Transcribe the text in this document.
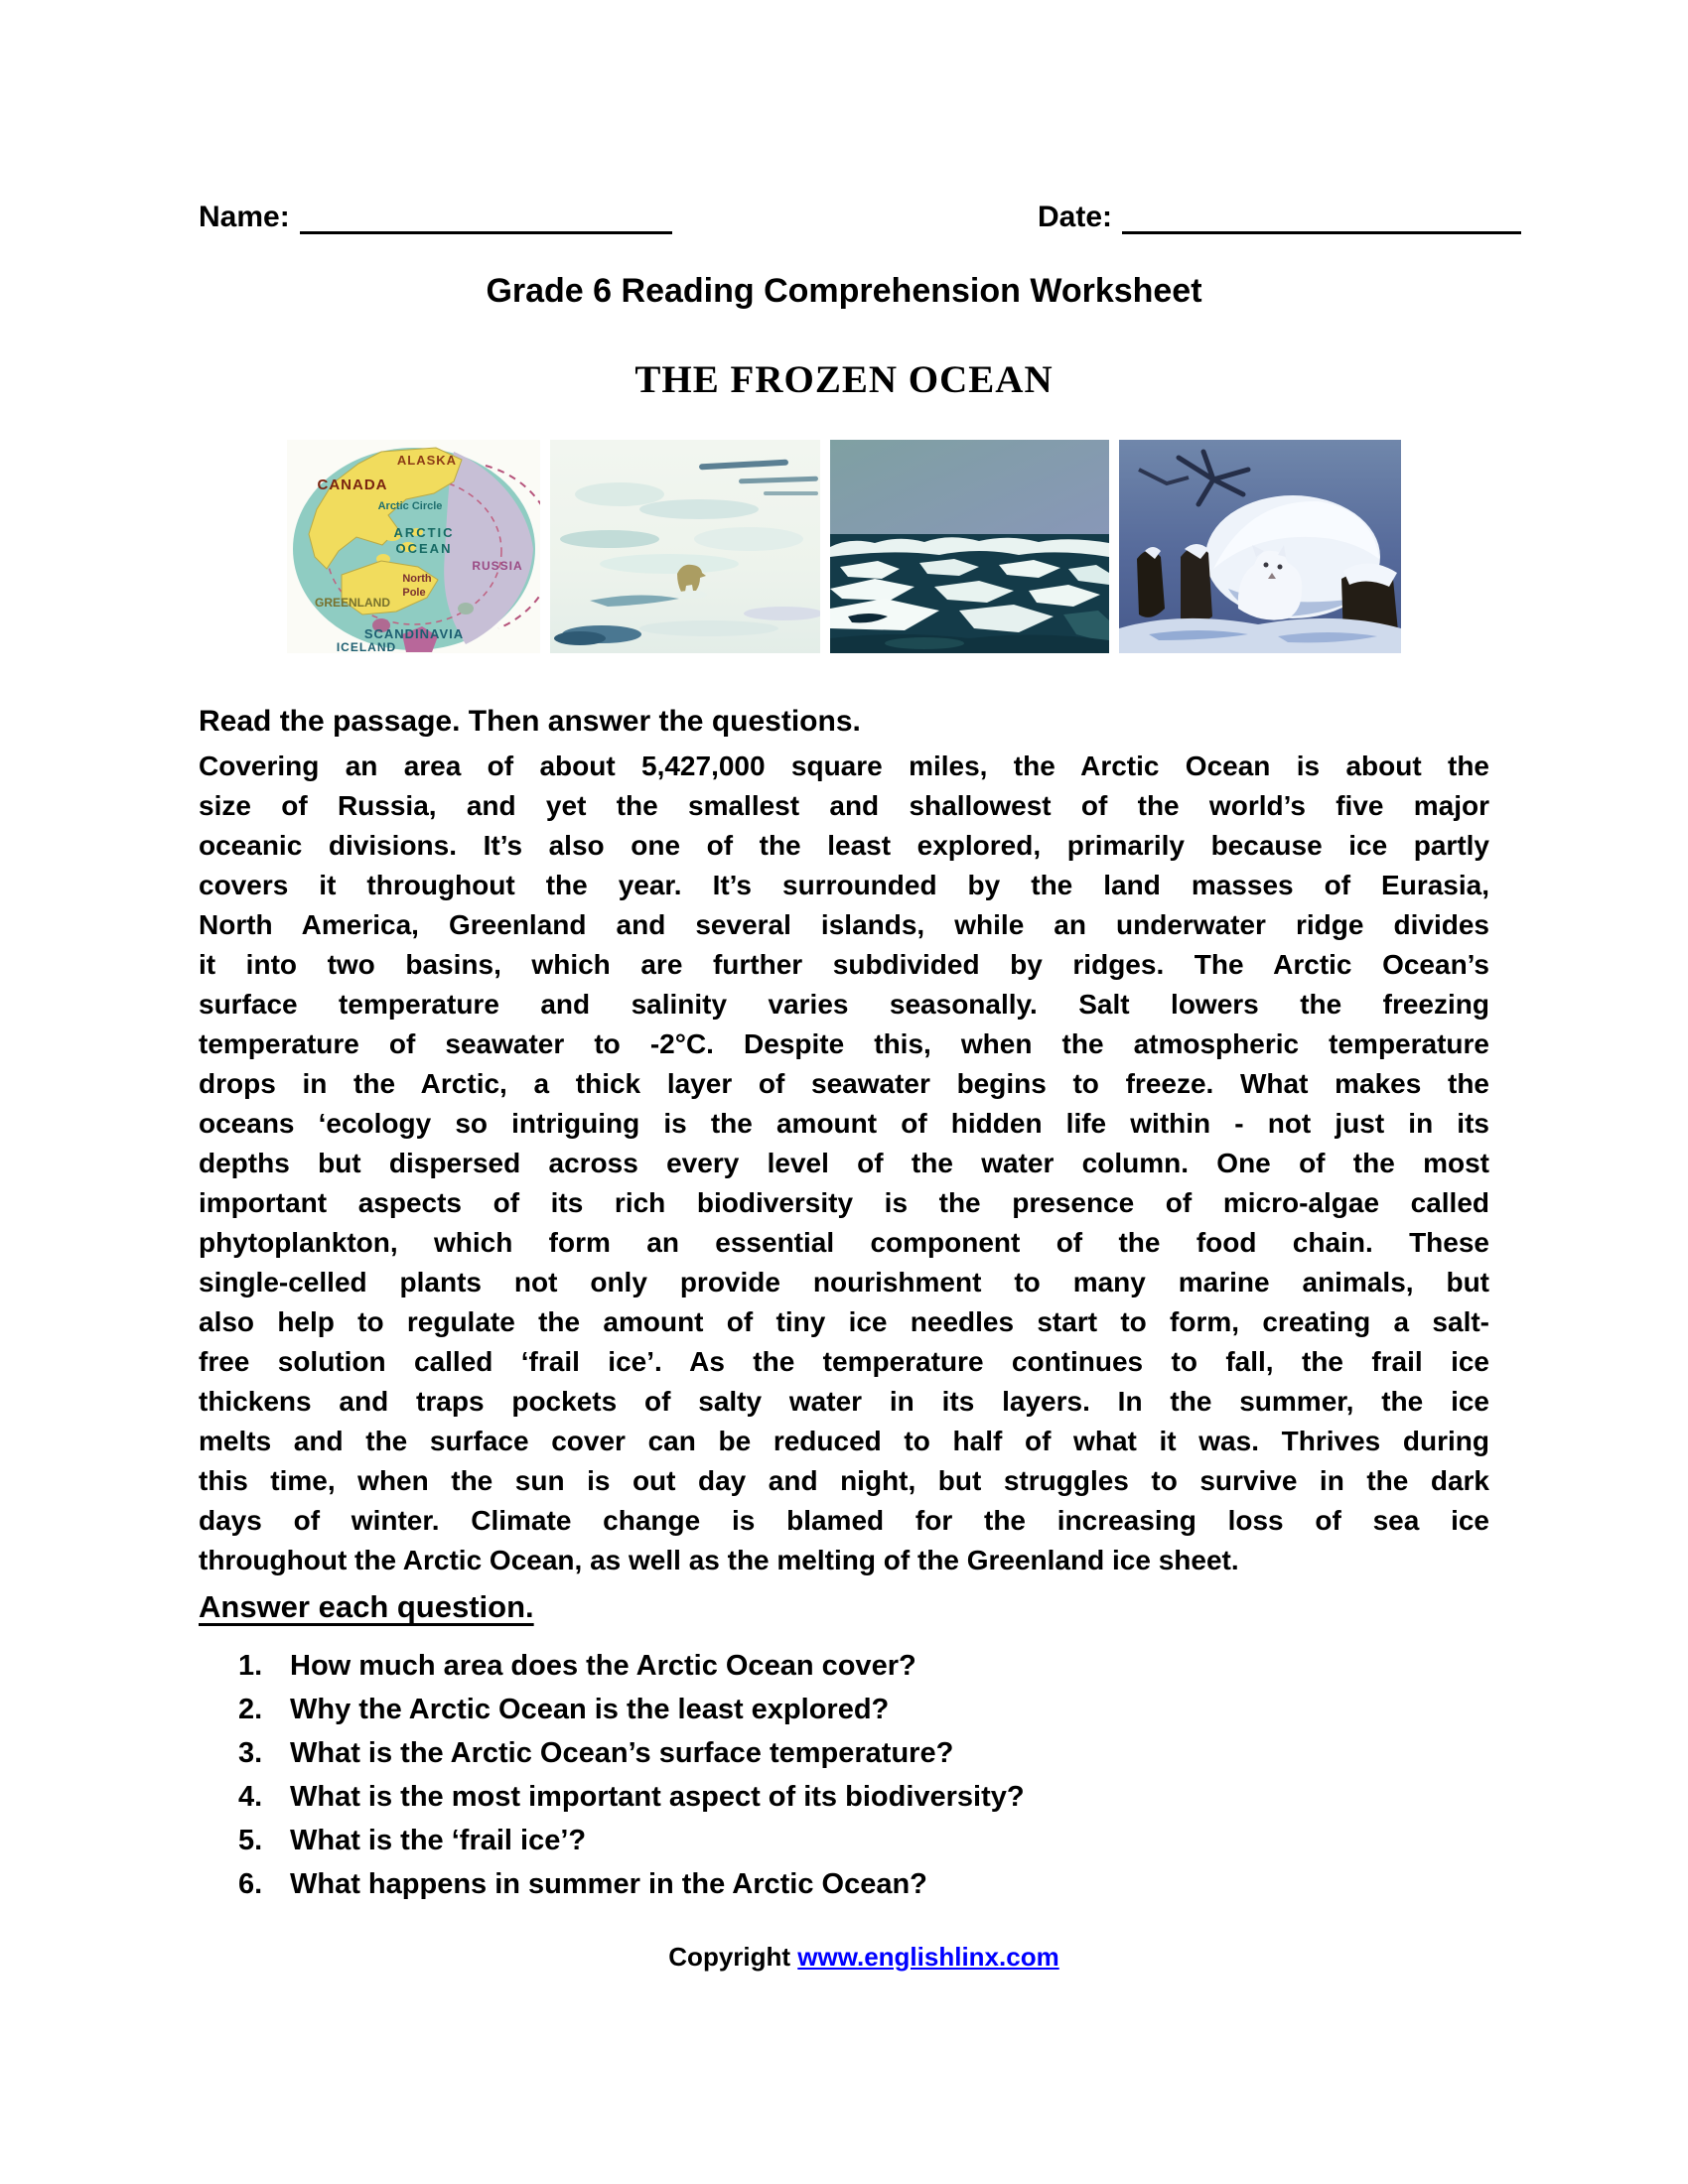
Name:	Date:
Grade 6 Reading Comprehension Worksheet
THE FROZEN OCEAN
ALASKA
CANADA
Arctic Circle
ARCTIC
OCEAN
RUSSIA
North
Pole
GREENLAND
SCANDINAVIA
ICELAND
Read the passage. Then answer the questions.
Covering an area of about 5,427,000 square miles, the Arctic Ocean is about the
size of Russia, and yet the smallest and shallowest of the world’s five major
oceanic divisions. It’s also one of the least explored, primarily because ice partly
covers it throughout the year. It’s surrounded by the land masses of Eurasia,
North America, Greenland and several islands, while an underwater ridge divides
it into two basins, which are further subdivided by ridges. The Arctic Ocean’s
surface temperature and salinity varies seasonally. Salt lowers the freezing
temperature of seawater to -2°C. Despite this, when the atmospheric temperature
drops in the Arctic, a thick layer of seawater begins to freeze. What makes the
oceans ‘ecology so intriguing is the amount of hidden life within - not just in its
depths but dispersed across every level of the water column. One of the most
important aspects of its rich biodiversity is the presence of micro-algae called
phytoplankton, which form an essential component of the food chain. These
single-celled plants not only provide nourishment to many marine animals, but
also help to regulate the amount of tiny ice needles start to form, creating a salt-
free solution called ‘frail ice’. As the temperature continues to fall, the frail ice
thickens and traps pockets of salty water in its layers. In the summer, the ice
melts and the surface cover can be reduced to half of what it was. Thrives during
this time, when the sun is out day and night, but struggles to survive in the dark
days of winter. Climate change is blamed for the increasing loss of sea ice
throughout the Arctic Ocean, as well as the melting of the Greenland ice sheet.
Answer each question.
1. How much area does the Arctic Ocean cover?
2. Why the Arctic Ocean is the least explored?
3. What is the Arctic Ocean’s surface temperature?
4. What is the most important aspect of its biodiversity?
5. What is the ‘frail ice’?
6. What happens in summer in the Arctic Ocean?
Copyright www.englishlinx.com
